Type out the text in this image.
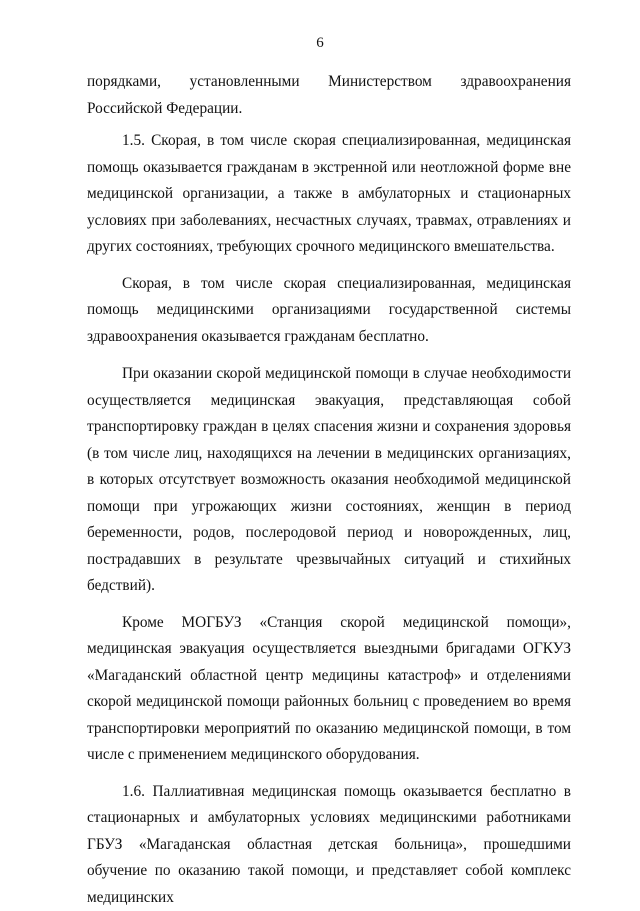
6

порядками, установленными Министерством здравоохранения Российской Федерации.

1.5. Скорая, в том числе скорая специализированная, медицинская помощь оказывается гражданам в экстренной или неотложной форме вне медицинской организации, а также в амбулаторных и стационарных условиях при заболеваниях, несчастных случаях, травмах, отравлениях и других состояниях, требующих срочного медицинского вмешательства.

Скорая, в том числе скорая специализированная, медицинская помощь медицинскими организациями государственной системы здравоохранения оказывается гражданам бесплатно.

При оказании скорой медицинской помощи в случае необходимости осуществляется медицинская эвакуация, представляющая собой транспортировку граждан в целях спасения жизни и сохранения здоровья (в том числе лиц, находящихся на лечении в медицинских организациях, в которых отсутствует возможность оказания необходимой медицинской помощи при угрожающих жизни состояниях, женщин в период беременности, родов, послеродовой период и новорожденных, лиц, пострадавших в результате чрезвычайных ситуаций и стихийных бедствий).

Кроме МОГБУЗ «Станция скорой медицинской помощи», медицинская эвакуация осуществляется выездными бригадами ОГКУЗ «Магаданский областной центр медицины катастроф» и отделениями скорой медицинской помощи районных больниц с проведением во время транспортировки мероприятий по оказанию медицинской помощи, в том числе с применением медицинского оборудования.

1.6. Паллиативная медицинская помощь оказывается бесплатно в стационарных и амбулаторных условиях медицинскими работниками ГБУЗ «Магаданская областная детская больница», прошедшими обучение по оказанию такой помощи, и представляет собой комплекс медицинских
